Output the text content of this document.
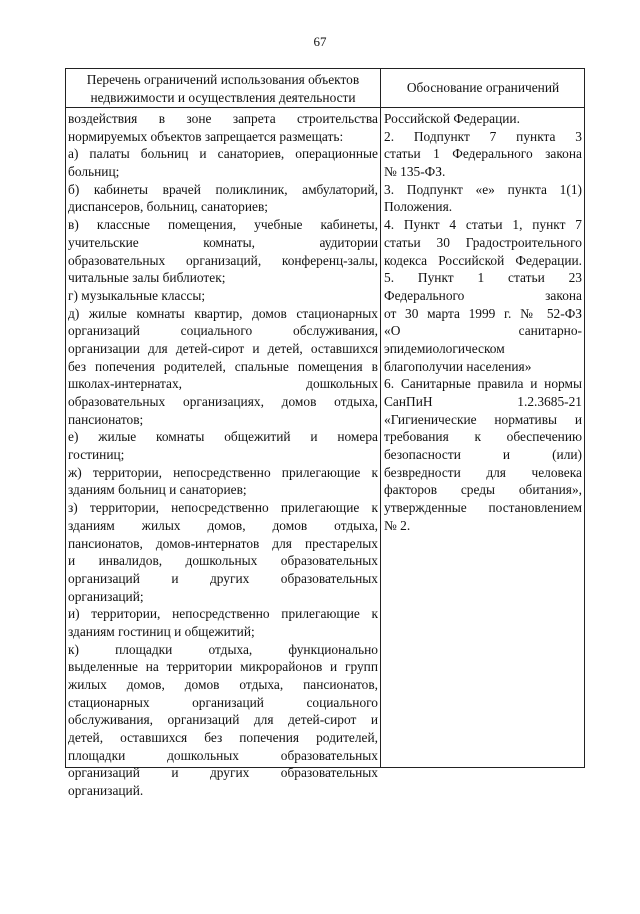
67
Перечень ограничений использования объектов
недвижимости и осуществления деятельности
Обоснование ограничений
воздействия в зоне запрета строительства
нормируемых объектов запрещается размещать:
а) палаты больниц и санаториев, операционные
больниц;
б) кабинеты врачей поликлиник, амбулаторий,
диспансеров, больниц, санаториев;
в) классные помещения, учебные кабинеты,
учительские комнаты, аудитории
образовательных организаций, конференц-залы,
читальные залы библиотек;
г) музыкальные классы;
д) жилые комнаты квартир, домов стационарных
организаций социального обслуживания,
организации для детей-сирот и детей, оставшихся
без попечения родителей, спальные помещения в
школах-интернатах, дошкольных
образовательных организациях, домов отдыха,
пансионатов;
е) жилые комнаты общежитий и номера
гостиниц;
ж) территории, непосредственно прилегающие к
зданиям больниц и санаториев;
з) территории, непосредственно прилегающие к
зданиям жилых домов, домов отдыха,
пансионатов, домов-интернатов для престарелых
и инвалидов, дошкольных образовательных
организаций и других образовательных
организаций;
и) территории, непосредственно прилегающие к
зданиям гостиниц и общежитий;
к) площадки отдыха, функционально
выделенные на территории микрорайонов и групп
жилых домов, домов отдыха, пансионатов,
стационарных организаций социального
обслуживания, организаций для детей-сирот и
детей, оставшихся без попечения родителей,
площадки дошкольных образовательных
организаций и других образовательных
организаций.
Российской Федерации.
2. Подпункт 7 пункта 3
статьи 1 Федерального закона
№ 135-ФЗ.
3. Подпункт «е» пункта 1(1)
Положения.
4. Пункт 4 статьи 1, пункт 7
статьи 30 Градостроительного
кодекса Российской Федерации.
5. Пункт 1 статьи 23
Федерального закона
от 30 марта 1999 г. № 52-ФЗ
«О санитарно-
эпидемиологическом
благополучии населения»
6. Санитарные правила и нормы
СанПиН 1.2.3685-21
«Гигиенические нормативы и
требования к обеспечению
безопасности и (или)
безвредности для человека
факторов среды обитания»,
утвержденные постановлением
№ 2.
